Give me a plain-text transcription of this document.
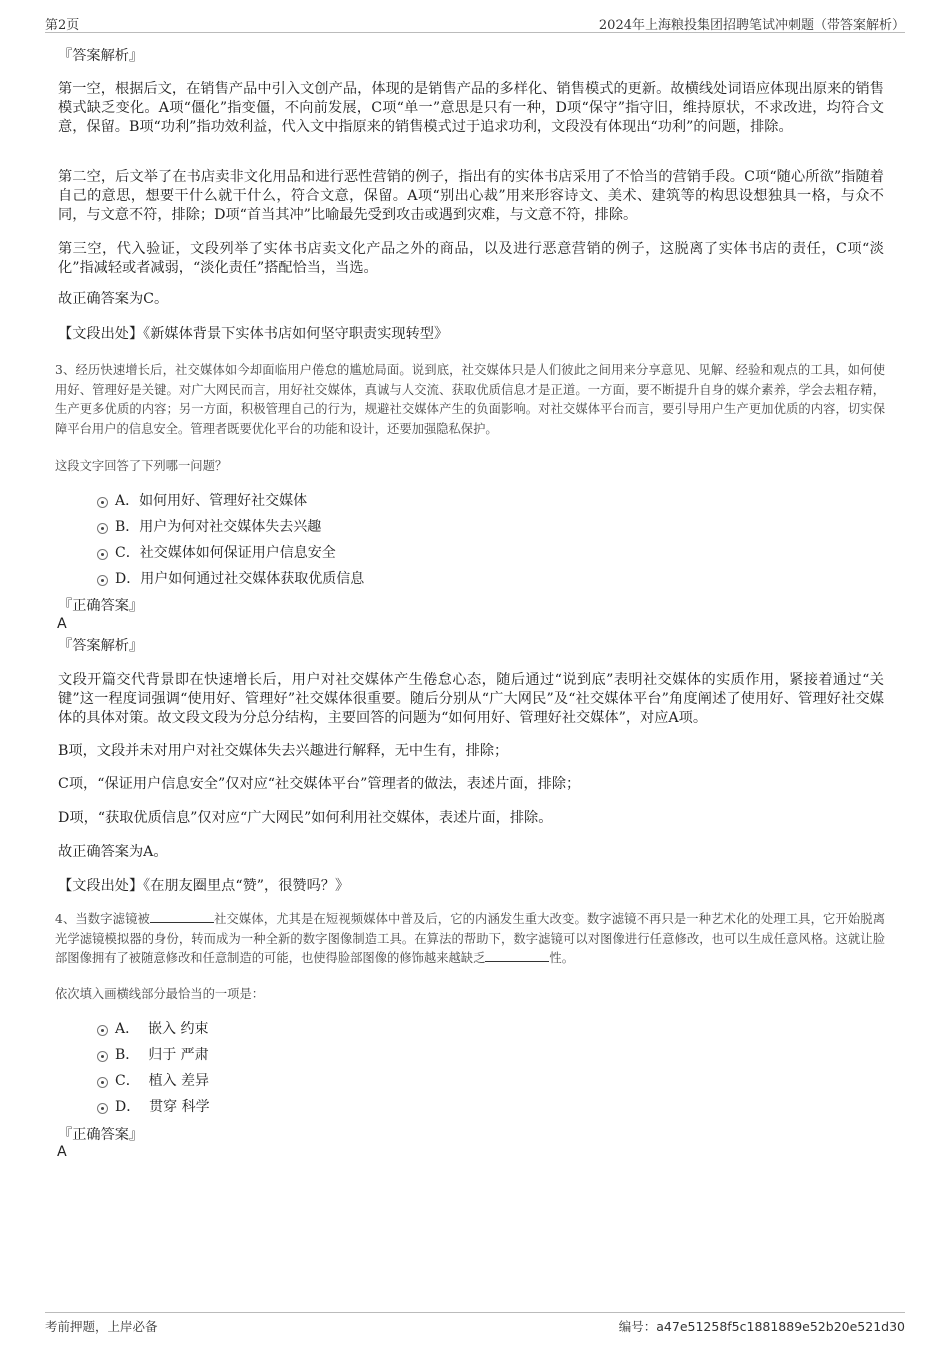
第2页	2024年上海粮投集团招聘笔试冲刺题（带答案解析）

『答案解析』

第一空，根据后文，在销售产品中引入文创产品，体现的是销售产品的多样化、销售模式的更新。故横线处词语应体现出原来的销售模式缺乏变化。A项“僵化”指变僵，不向前发展，C项“单一”意思是只有一种，D项“保守”指守旧，维持原状，不求改进，均符合文意，保留。B项“功利”指功效利益，代入文中指原来的销售模式过于追求功利，文段没有体现出“功利”的问题，排除。

第二空，后文举了在书店卖非文化用品和进行恶性营销的例子，指出有的实体书店采用了不恰当的营销手段。C项“随心所欲”指随着自己的意思，想要干什么就干什么，符合文意，保留。A项“别出心裁”用来形容诗文、美术、建筑等的构思设想独具一格，与众不同，与文意不符，排除；D项“首当其冲”比喻最先受到攻击或遇到灾难，与文意不符，排除。

第三空，代入验证，文段列举了实体书店卖文化产品之外的商品，以及进行恶意营销的例子，这脱离了实体书店的责任，C项“淡化”指减轻或者减弱，“淡化责任”搭配恰当，当选。

故正确答案为C。

【文段出处】《新媒体背景下实体书店如何坚守职责实现转型》

3、经历快速增长后，社交媒体如今却面临用户倦怠的尴尬局面。说到底，社交媒体只是人们彼此之间用来分享意见、见解、经验和观点的工具，如何使用好、管理好是关键。对广大网民而言，用好社交媒体，真诚与人交流、获取优质信息才是正道。一方面，要不断提升自身的媒介素养，学会去粗存精，生产更多优质的内容；另一方面，积极管理自己的行为，规避社交媒体产生的负面影响。对社交媒体平台而言，要引导用户生产更加优质的内容，切实保障平台用户的信息安全。管理者既要优化平台的功能和设计，还要加强隐私保护。

这段文字回答了下列哪一问题？

A．如何用好、管理好社交媒体
B．用户为何对社交媒体失去兴趣
C．社交媒体如何保证用户信息安全
D．用户如何通过社交媒体获取优质信息

『正确答案』

A

『答案解析』

文段开篇交代背景即在快速增长后，用户对社交媒体产生倦怠心态，随后通过“说到底”表明社交媒体的实质作用，紧接着通过“关键”这一程度词强调“使用好、管理好”社交媒体很重要。随后分别从“广大网民”及“社交媒体平台”角度阐述了使用好、管理好社交媒体的具体对策。故文段文段为分总分结构，主要回答的问题为“如何用好、管理好社交媒体”，对应A项。

B项，文段并未对用户对社交媒体失去兴趣进行解释，无中生有，排除；

C项，“保证用户信息安全”仅对应“社交媒体平台”管理者的做法，表述片面，排除；

D项，“获取优质信息”仅对应“广大网民”如何利用社交媒体，表述片面，排除。

故正确答案为A。

【文段出处】《在朋友圈里点“赞”，很赞吗？》

4、当数字滤镜被	社交媒体，尤其是在短视频媒体中普及后，它的内涵发生重大改变。数字滤镜不再只是一种艺术化的处理工具，它开始脱离光学滤镜模拟器的身份，转而成为一种全新的数字图像制造工具。在算法的帮助下，数字滤镜可以对图像进行任意修改，也可以生成任意风格。这就让脸部图像拥有了被随意修改和任意制造的可能，也使得脸部图像的修饰越来越缺乏	性。

依次填入画横线部分最恰当的一项是：

A．  嵌入 约束
B．  归于 严肃
C．  植入 差异
D．  贯穿 科学

『正确答案』

A

考前押题，上岸必备	编号：a47e51258f5c1881889e52b20e521d30
